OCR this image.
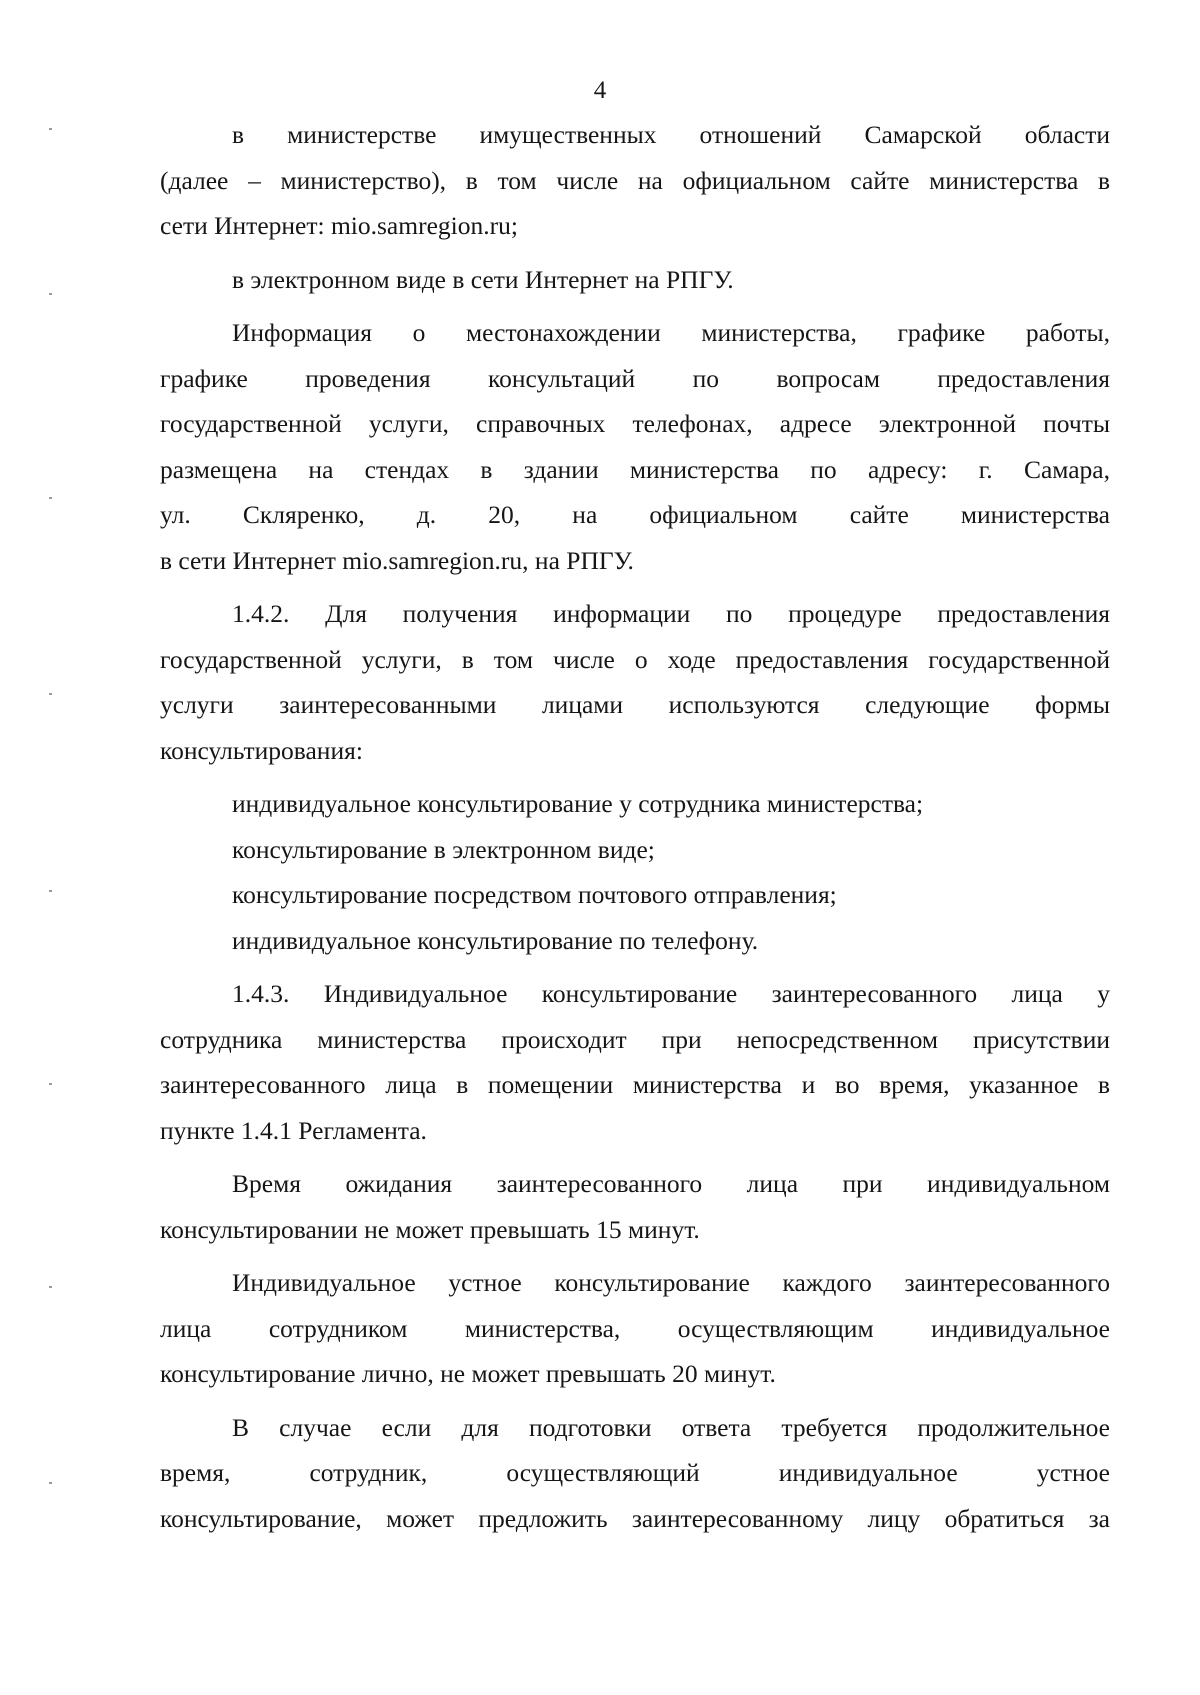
4

в министерстве имущественных отношений Самарской области
(далее – министерство), в том числе на официальном сайте министерства в
сети Интернет: mio.samregion.ru;

в электронном виде в сети Интернет на РПГУ.

Информация о местонахождении министерства, графике работы,
графике проведения консультаций по вопросам предоставления
государственной услуги, справочных телефонах, адресе электронной почты
размещена на стендах в здании министерства по адресу: г. Самара,
ул. Скляренко, д. 20, на официальном сайте министерства
в сети Интернет mio.samregion.ru, на РПГУ.

1.4.2. Для получения информации по процедуре предоставления
государственной услуги, в том числе о ходе предоставления государственной
услуги заинтересованными лицами используются следующие формы
консультирования:

индивидуальное консультирование у сотрудника министерства;

консультирование в электронном виде;

консультирование посредством почтового отправления;

индивидуальное консультирование по телефону.

1.4.3. Индивидуальное консультирование заинтересованного лица у
сотрудника министерства происходит при непосредственном присутствии
заинтересованного лица в помещении министерства и во время, указанное в
пункте 1.4.1 Регламента.

Время ожидания заинтересованного лица при индивидуальном
консультировании не может превышать 15 минут.

Индивидуальное устное консультирование каждого заинтересованного
лица сотрудником министерства, осуществляющим индивидуальное
консультирование лично, не может превышать 20 минут.

В случае если для подготовки ответа требуется продолжительное
время, сотрудник, осуществляющий индивидуальное устное
консультирование, может предложить заинтересованному лицу обратиться за
